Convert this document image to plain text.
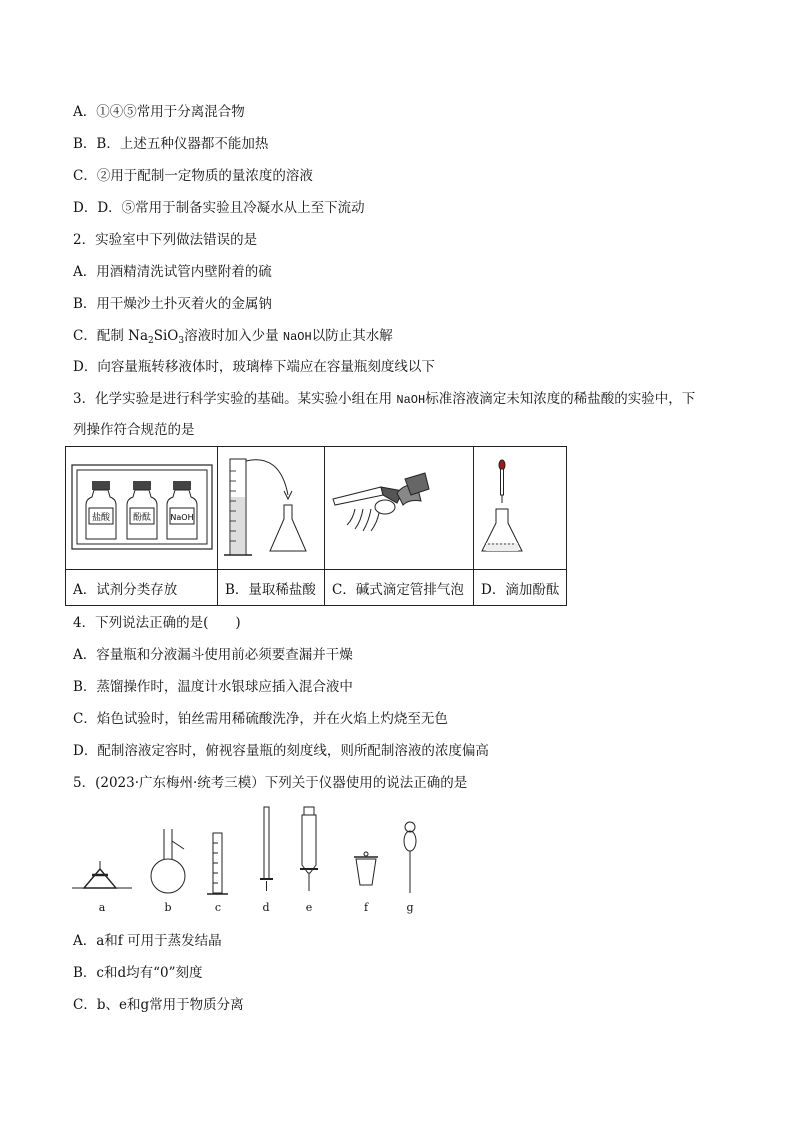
A．①④⑤常用于分离混合物
B．B．上述五种仪器都不能加热
C．②用于配制一定物质的量浓度的溶液
D．D．⑤常用于制备实验且冷凝水从上至下流动
2．实验室中下列做法错误的是
A．用酒精清洗试管内壁附着的硫
B．用干燥沙土扑灭着火的金属钠
C．配制 $Na_2SiO_3$溶液时加入少量 NaOH以防止其水解
D．向容量瓶转移液体时，玻璃棒下端应在容量瓶刻度线以下
3．化学实验是进行科学实验的基础。某实验小组在用 NaOH标准溶液滴定未知浓度的稀盐酸的实验中，下
列操作符合规范的是
盐酸 酚酞 NaOH

A．试剂分类存放	B．量取稀盐酸	C．碱式滴定管排气泡	D．滴加酚酞
4．下列说法正确的是(　　)
A．容量瓶和分液漏斗使用前必须要查漏并干燥
B．蒸馏操作时，温度计水银球应插入混合液中
C．焰色试验时，铂丝需用稀硫酸洗净，并在火焰上灼烧至无色
D．配制溶液定容时，俯视容量瓶的刻度线，则所配制溶液的浓度偏高
5．(2023·广东梅州·统考三模）下列关于仪器使用的说法正确的是
a	b	c	d	e	f	g
A．a和f 可用于蒸发结晶
B．c和d均有“0”刻度
C．b、e和g常用于物质分离
